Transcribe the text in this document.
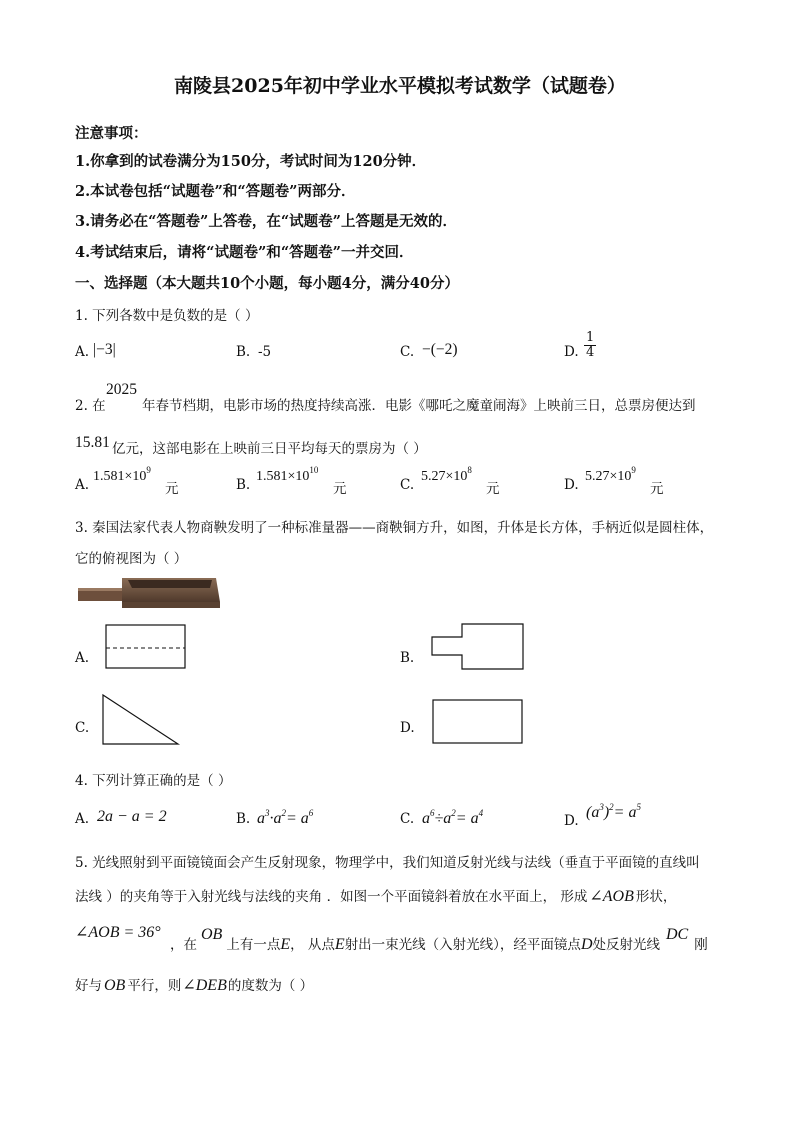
南陵县2025年初中学业水平模拟考试数学（试题卷）
注意事项：
1.你拿到的试卷满分为150分，考试时间为120分钟．
2.本试卷包括“试题卷”和“答题卷”两部分．
3.请务必在“答题卷”上答卷，在“试题卷”上答题是无效的．
4.考试结束后，请将“试题卷”和“答题卷”一并交回．
一、选择题（本大题共10个小题，每小题4分，满分40分）
1. 下列各数中是负数的是（ ）
A. |−3|	B. -5	C. −(−2)	D. $\frac{1}{4}$
2. 在
2025
年春节档期，电影市场的热度持续高涨．电影《哪吒之魔童闹海》上映前三日，总票房便达到
15.81 亿元，这部电影在上映前三日平均每天的票房为（ ）
A.
$1.581\times 10^9$
元	B.
$1.581\times 10^{10}$
元	C.
$5.27\times 10^8$
元	D.
$5.27\times 10^9$
元
3. 秦国法家代表人物商鞅发明了一种标准量器——商鞅铜方升，如图，升体是长方体，手柄近似是圆柱体，
它的俯视图为（ ）
A.	B.
C.	D.
4. 下列计算正确的是（ ）
A. 2a − a = 2	B. $a^3\cdot a^2= a^6$	C. $a^6\div a^2= a^4$	D. $(a^3)^2= a^5$
5. 光线照射到平面镜镜面会产生反射现象，物理学中，我们知道反射光线与法线（垂直于平面镜的直线叫
法线 ）的夹角等于入射光线与法线的夹角 ．如图一个平面镜斜着放在水平面上， 形成 ∠AOB 形状，
∠AOB = 36°
，在OB上有一点E， 从点E射出一束光线（入射光线），经平面镜点D处反射光线DC刚
好与 OB 平行，则∠DEB的度数为（ ）
